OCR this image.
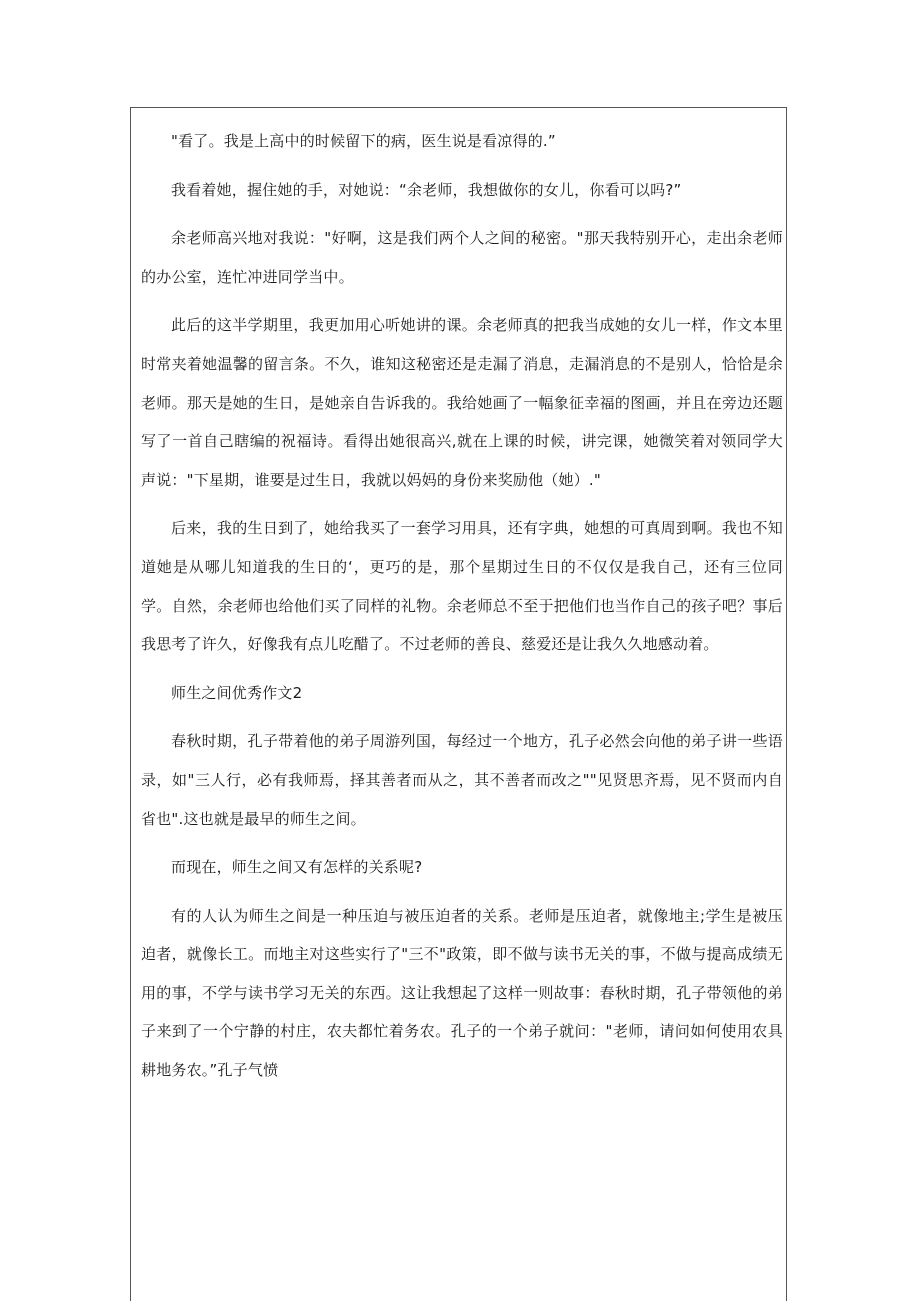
"看了。我是上高中的时候留下的病，医生说是看凉得的.”

我看着她，握住她的手，对她说：“余老师，我想做你的女儿，你看可以吗?”

余老师高兴地对我说："好啊，这是我们两个人之间的秘密。"那天我特别开心，走出余老师的办公室，连忙冲进同学当中。

此后的这半学期里，我更加用心听她讲的课。余老师真的把我当成她的女儿一样，作文本里时常夹着她温馨的留言条。不久，谁知这秘密还是走漏了消息，走漏消息的不是别人，恰恰是余老师。那天是她的生日，是她亲自告诉我的。我给她画了一幅象征幸福的图画，并且在旁边还题写了一首自己瞎编的祝福诗。看得出她很高兴,就在上课的时候，讲完课，她微笑着对领同学大声说："下星期，谁要是过生日，我就以妈妈的身份来奖励他（她）."

后来，我的生日到了，她给我买了一套学习用具，还有字典，她想的可真周到啊。我也不知道她是从哪儿知道我的生日的‘，更巧的是，那个星期过生日的不仅仅是我自己，还有三位同学。自然，余老师也给他们买了同样的礼物。余老师总不至于把他们也当作自己的孩子吧？事后我思考了许久，好像我有点儿吃醋了。不过老师的善良、慈爱还是让我久久地感动着。

师生之间优秀作文2

春秋时期，孔子带着他的弟子周游列国，每经过一个地方，孔子必然会向他的弟子讲一些语录，如"三人行，必有我师焉，择其善者而从之，其不善者而改之""见贤思齐焉，见不贤而内自省也".这也就是最早的师生之间。

而现在，师生之间又有怎样的关系呢?

有的人认为师生之间是一种压迫与被压迫者的关系。老师是压迫者，就像地主;学生是被压迫者，就像长工。而地主对这些实行了"三不"政策，即不做与读书无关的事，不做与提高成绩无用的事，不学与读书学习无关的东西。这让我想起了这样一则故事：春秋时期，孔子带领他的弟子来到了一个宁静的村庄，农夫都忙着务农。孔子的一个弟子就问："老师，请问如何使用农具耕地务农。”孔子气愤
